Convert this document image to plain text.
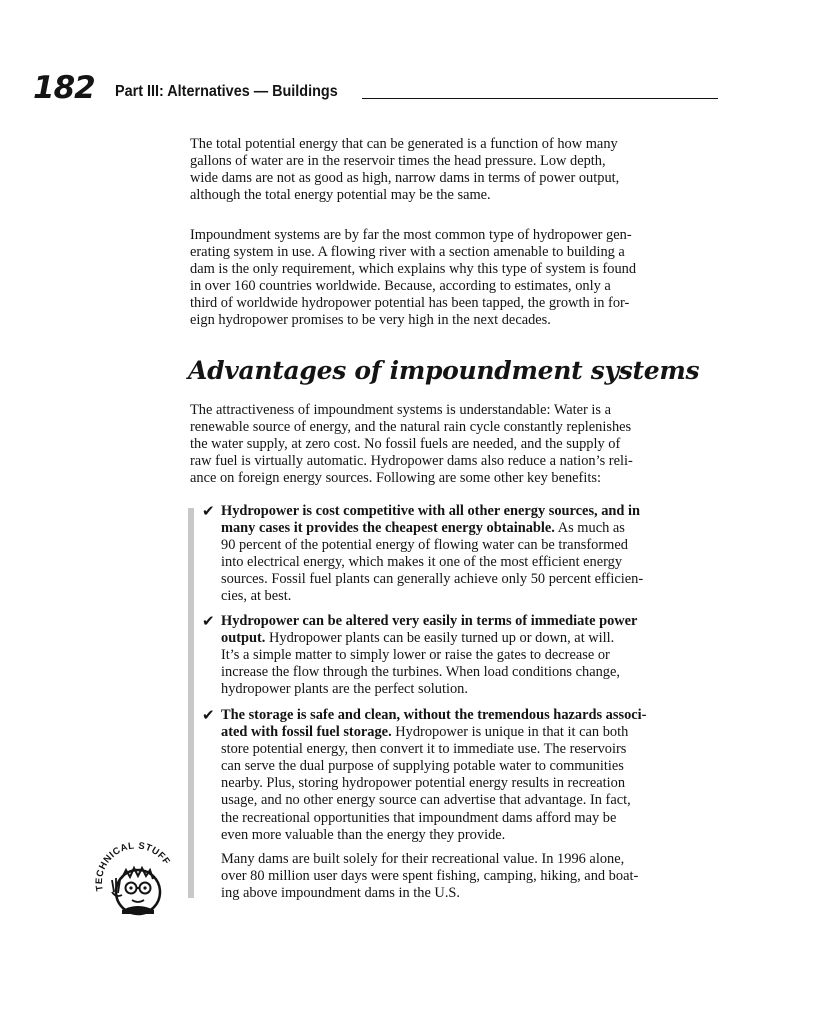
182 Part III: Alternatives — Buildings

The total potential energy that can be generated is a function of how many
gallons of water are in the reservoir times the head pressure. Low depth,
wide dams are not as good as high, narrow dams in terms of power output,
although the total energy potential may be the same.

Impoundment systems are by far the most common type of hydropower gen-
erating system in use. A flowing river with a section amenable to building a
dam is the only requirement, which explains why this type of system is found
in over 160 countries worldwide. Because, according to estimates, only a
third of worldwide hydropower potential has been tapped, the growth in for-
eign hydropower promises to be very high in the next decades.

Advantages of impoundment systems

The attractiveness of impoundment systems is understandable: Water is a
renewable source of energy, and the natural rain cycle constantly replenishes
the water supply, at zero cost. No fossil fuels are needed, and the supply of
raw fuel is virtually automatic. Hydropower dams also reduce a nation’s reli-
ance on foreign energy sources. Following are some other key benefits:

✔ Hydropower is cost competitive with all other energy sources, and in
many cases it provides the cheapest energy obtainable. As much as
90 percent of the potential energy of flowing water can be transformed
into electrical energy, which makes it one of the most efficient energy
sources. Fossil fuel plants can generally achieve only 50 percent efficien-
cies, at best.

✔ Hydropower can be altered very easily in terms of immediate power
output. Hydropower plants can be easily turned up or down, at will.
It’s a simple matter to simply lower or raise the gates to decrease or
increase the flow through the turbines. When load conditions change,
hydropower plants are the perfect solution.

✔ The storage is safe and clean, without the tremendous hazards associ-
ated with fossil fuel storage. Hydropower is unique in that it can both
store potential energy, then convert it to immediate use. The reservoirs
can serve the dual purpose of supplying potable water to communities
nearby. Plus, storing hydropower potential energy results in recreation
usage, and no other energy source can advertise that advantage. In fact,
the recreational opportunities that impoundment dams afford may be
even more valuable than the energy they provide.

Many dams are built solely for their recreational value. In 1996 alone,
over 80 million user days were spent fishing, camping, hiking, and boat-
ing above impoundment dams in the U.S.

TECHNICAL STUFF
